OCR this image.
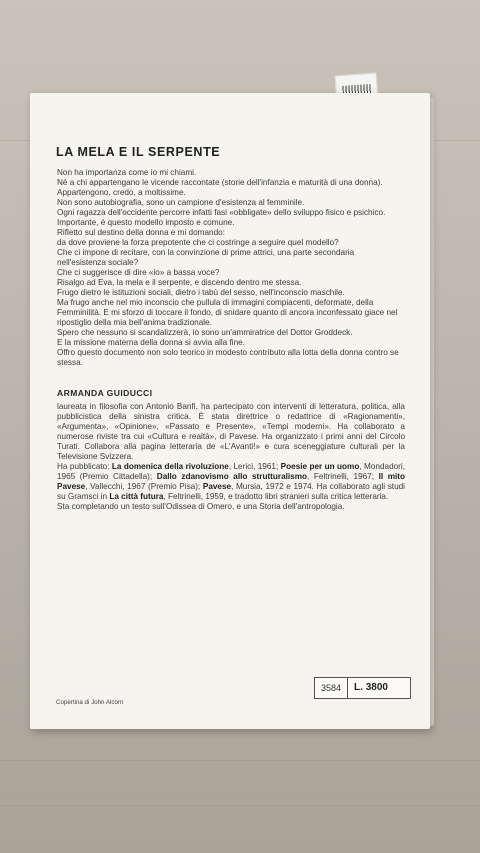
LA MELA E IL SERPENTE

Non ha importanza come io mi chiami.

Né a chi appartengano le vicende raccontate (storie dell'infanzia e maturità di una donna).

Appartengono, credo, a moltissime.

Non sono autobiografia, sono un campione d'esistenza al femminile.

Ogni ragazza dell'occidente percorre infatti fasi «obbligate» dello sviluppo fisico e psichico.

Importante, è questo modello imposto e comune.

Rifletto sul destino della donna e mi domando:

da dove proviene la forza prepotente che ci costringe a seguire quel modello?

Che ci impone di recitare, con la convinzione di prime attrici, una parte secondaria nell'esistenza sociale?

Che ci suggerisce di dire «io» a bassa voce?

Risalgo ad Eva, la mela e il serpente, e discendo dentro me stessa.

Frugo dietro le istituzioni sociali, dietro i tabù del sesso, nell'inconscio maschile.

Ma frugo anche nel mio inconscio che pullula di immagini compiacenti, deformate, della Femminilità. E mi sforzo di toccare il fondo, di snidare quanto di ancora inconfessato giace nel ripostiglio della mia bell'anima tradizionale.

Spero che nessuno si scandalizzerà, io sono un'ammiratrice del Dottor Groddeck.

E la missione materna della donna si avvia alla fine.

Offro questo documento non solo teorico in modesto contributo alla lotta della donna contro se stessa.

ARMANDA GUIDUCCI

laureata in filosofia con Antonio Banfi, ha partecipato con interventi di letteratura, politica, alla pubblicistica della sinistra critica. È stata direttrice o redattrice di «Ragionamenti», «Argumenta», «Opinione», «Passato e Presente», «Tempi moderni». Ha collaborato a numerose riviste tra cui «Cultura e realtà», di Pavese. Ha organizzato i primi anni del Circolo Turati. Collabora alla pagina letteraria de «L'Avanti!» e cura sceneggiature culturali per la Televisione Svizzera.

Ha pubblicato: La domenica della rivoluzione, Lerici, 1961; Poesie per un uomo, Mondadori, 1965 (Premio Cittadella); Dallo zdanovismo allo strutturalismo, Feltrinelli, 1967; Il mito Pavese, Vallecchi, 1967 (Premio Pisa); Pavese, Mursia, 1972 e 1974. Ha collaborato agli studi su Gramsci in La città futura, Feltrinelli, 1959, e tradotto libri stranieri sulla critica letteraria.

Sta completando un testo sull'Odissea di Omero, e una Storia dell'antropologia.

3584	L. 3800
Copertina di John Alcorn
